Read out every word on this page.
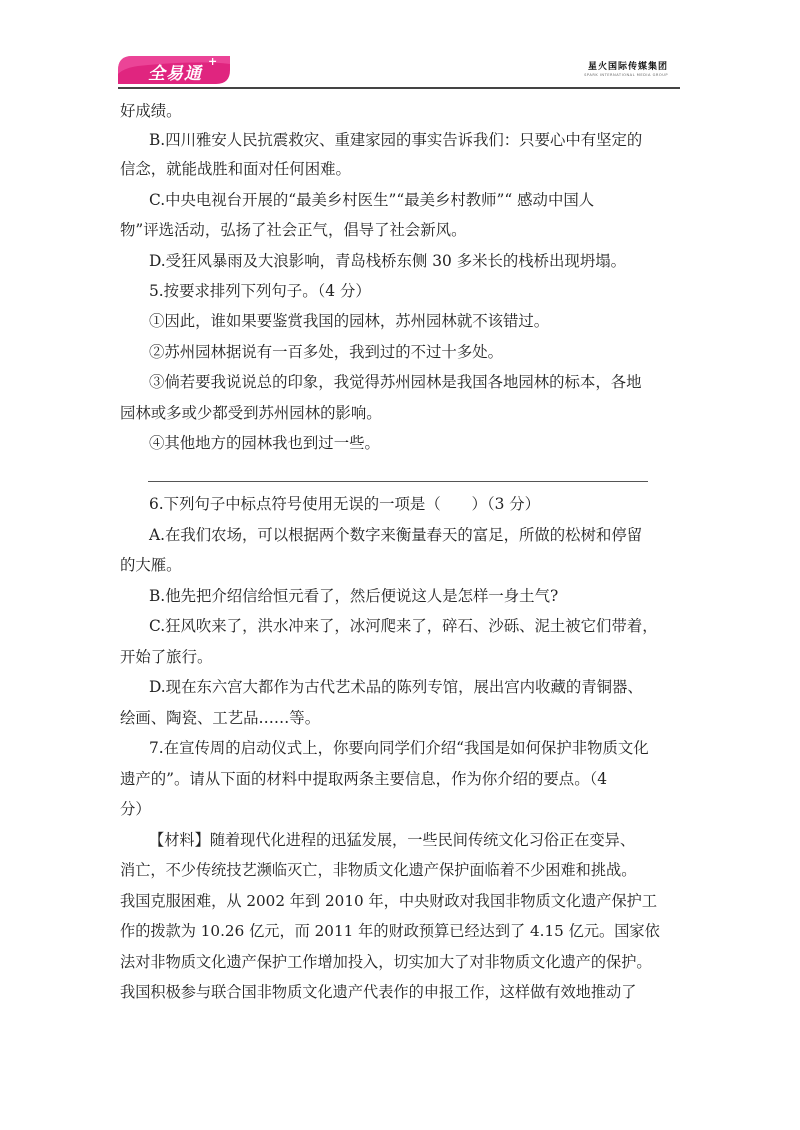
全易通
+	星火国际传媒集团
SPARK INTERNATIONAL MEDIA GROUP
好成绩。
B.四川雅安人民抗震救灾、重建家园的事实告诉我们：只要心中有坚定的
信念，就能战胜和面对任何困难。
C.中央电视台开展的“最美乡村医生”“最美乡村教师”“ 感动中国人
物”评选活动，弘扬了社会正气，倡导了社会新风。
D.受狂风暴雨及大浪影响，青岛栈桥东侧 30 多米长的栈桥出现坍塌。
5.按要求排列下列句子。（4 分）
①因此，谁如果要鉴赏我国的园林，苏州园林就不该错过。
②苏州园林据说有一百多处，我到过的不过十多处。
③倘若要我说说总的印象，我觉得苏州园林是我国各地园林的标本，各地
园林或多或少都受到苏州园林的影响。
④其他地方的园林我也到过一些。
6.下列句子中标点符号使用无误的一项是（　　）（3 分）
A.在我们农场，可以根据两个数字来衡量春天的富足，所做的松树和停留
的大雁。
B.他先把介绍信给恒元看了，然后便说这人是怎样一身土气?
C.狂风吹来了，洪水冲来了，冰河爬来了，碎石、沙砾、泥土被它们带着，
开始了旅行。
D.现在东六宫大都作为古代艺术品的陈列专馆，展出宫内收藏的青铜器、
绘画、陶瓷、工艺品……等。
7.在宣传周的启动仪式上，你要向同学们介绍“我国是如何保护非物质文化
遗产的”。请从下面的材料中提取两条主要信息，作为你介绍的要点。（4
分）
【材料】随着现代化进程的迅猛发展，一些民间传统文化习俗正在变异、
消亡，不少传统技艺濒临灭亡，非物质文化遗产保护面临着不少困难和挑战。
我国克服困难，从 2002 年到 2010 年，中央财政对我国非物质文化遗产保护工
作的拨款为 10.26 亿元，而 2011 年的财政预算已经达到了 4.15 亿元。国家依
法对非物质文化遗产保护工作增加投入，切实加大了对非物质文化遗产的保护。
我国积极参与联合国非物质文化遗产代表作的申报工作，这样做有效地推动了
